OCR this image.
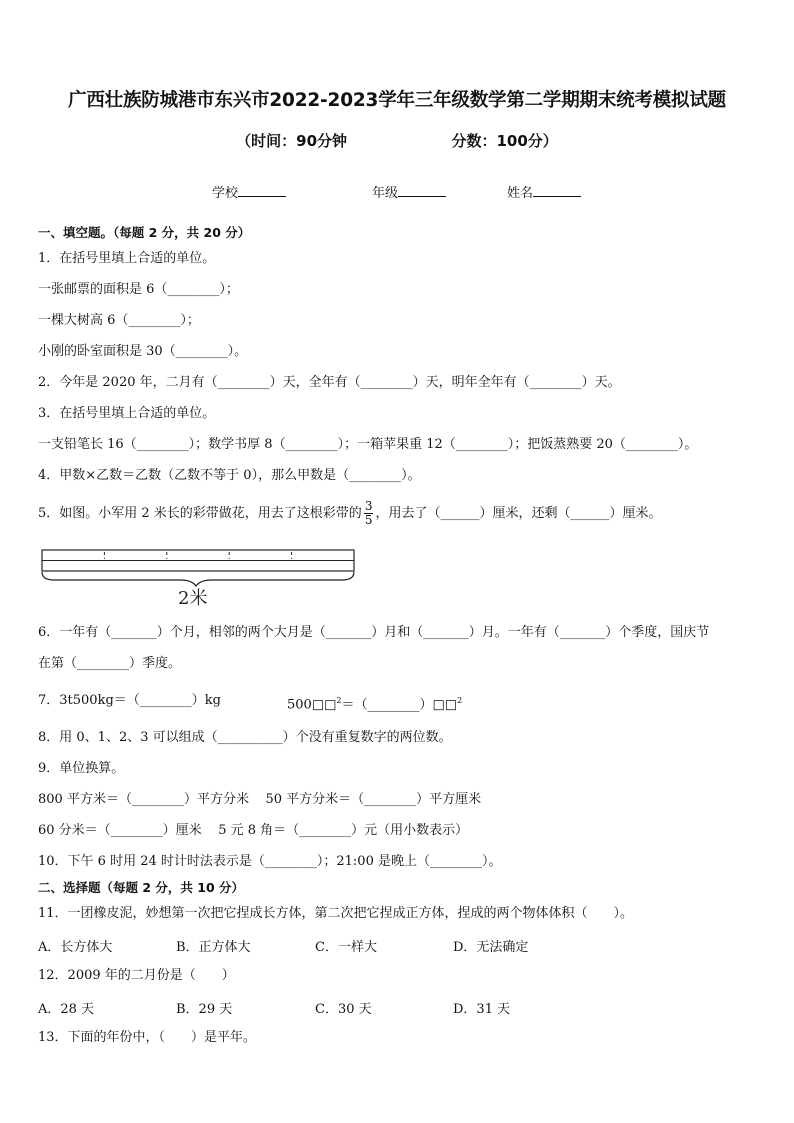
广西壮族防城港市东兴市2022-2023学年三年级数学第二学期期末统考模拟试题
（时间：90分钟	分数：100分）
学校	年级	姓名
一、填空题。（每题 2 分，共 20 分）
1．在括号里填上合适的单位。
一张邮票的面积是 6（________）；
一棵大树高 6（________）；
小刚的卧室面积是 30（________）。
2．今年是 2020 年，二月有（________）天，全年有（________）天，明年全年有（________）天。
3．在括号里填上合适的单位。
一支铅笔长 16（________）；数学书厚 8（________）；一箱苹果重 12（________）；把饭蒸熟要 20（________）。
4．甲数×乙数＝乙数（乙数不等于 0），那么甲数是（________）。
5．如图。小军用 2 米长的彩带做花，用去了这根彩带的 $\frac{3}{5}$ ，用去了（______）厘米，还剩（______）厘米。
2米
6．一年有（_______）个月，相邻的两个大月是（_______）月和（_______）月。一年有（_______）个季度，国庆节
在第（________）季度。
7．3t500kg＝（________）kg	500□□$^2$＝（________）□□$^2$
8．用 0、1、2、3 可以组成（__________）个没有重复数字的两位数。
9．单位换算。
800 平方米＝（________）平方分米    50 平方分米＝（________）平方厘米
60 分米＝（________）厘米    5 元 8 角＝（________）元（用小数表示）
10．下午 6 时用 24 时计时法表示是（________）；21:00 是晚上（________）。
二、选择题（每题 2 分，共 10 分）
11．一团橡皮泥，妙想第一次把它捏成长方体，第二次把它捏成正方体，捏成的两个物体体积（　　）。
A．长方体大	B．正方体大	C．一样大	D．无法确定
12．2009 年的二月份是（　　）
A．28 天	B．29 天	C．30 天	D．31 天
13．下面的年份中，（　　）是平年。
